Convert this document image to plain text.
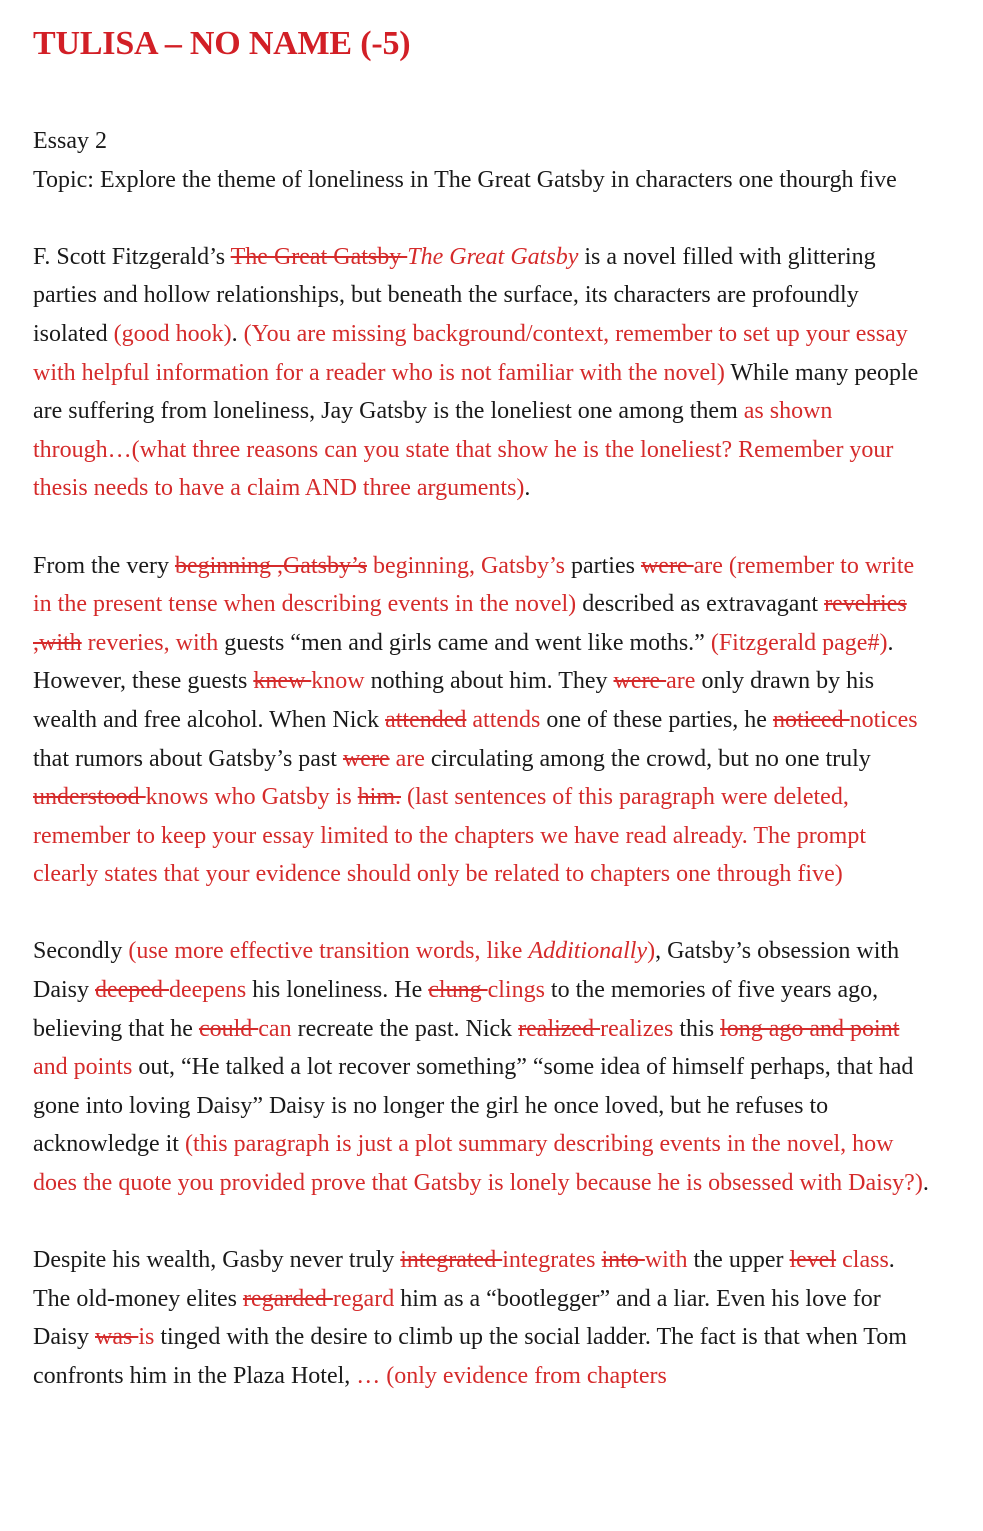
TULISA – NO NAME (-5)

Essay 2

Topic: Explore the theme of loneliness in The Great Gatsby in characters one thourgh five

F. Scott Fitzgerald’s The Great Gatsby The Great Gatsby is a novel filled with glittering parties and hollow relationships, but beneath the surface, its characters are profoundly isolated (good hook). (You are missing background/context, remember to set up your essay with helpful information for a reader who is not familiar with the novel) While many people are suffering from loneliness, Jay Gatsby is the loneliest one among them as shown through…(what three reasons can you state that show he is the loneliest? Remember your thesis needs to have a claim AND three arguments).

From the very beginning ,Gatsby’s beginning, Gatsby’s parties were are (remember to write in the present tense when describing events in the novel) described as extravagant revelries ,with reveries, with guests “men and girls came and went like moths.” (Fitzgerald page#). However, these guests knew know nothing about him. They were are only drawn by his wealth and free alcohol. When Nick attended attends one of these parties, he noticed notices that rumors about Gatsby’s past were are circulating among the crowd, but no one truly understood knows who Gatsby is him. (last sentences of this paragraph were deleted, remember to keep your essay limited to the chapters we have read already. The prompt clearly states that your evidence should only be related to chapters one through five)

Secondly (use more effective transition words, like Additionally), Gatsby’s obsession with Daisy deeped deepens his loneliness. He clung clings to the memories of five years ago, believing that he could can recreate the past. Nick realized realizes this long ago and point and points out, “He talked a lot recover something” “some idea of himself perhaps, that had gone into loving Daisy” Daisy is no longer the girl he once loved, but he refuses to acknowledge it (this paragraph is just a plot summary describing events in the novel, how does the quote you provided prove that Gatsby is lonely because he is obsessed with Daisy?).

Despite his wealth, Gasby never truly integrated integrates into with the upper level class. The old-money elites regarded regard him as a “bootlegger” and a liar. Even his love for Daisy was is tinged with the desire to climb up the social ladder. The fact is that when Tom confronts him in the Plaza Hotel, … (only evidence from chapters
